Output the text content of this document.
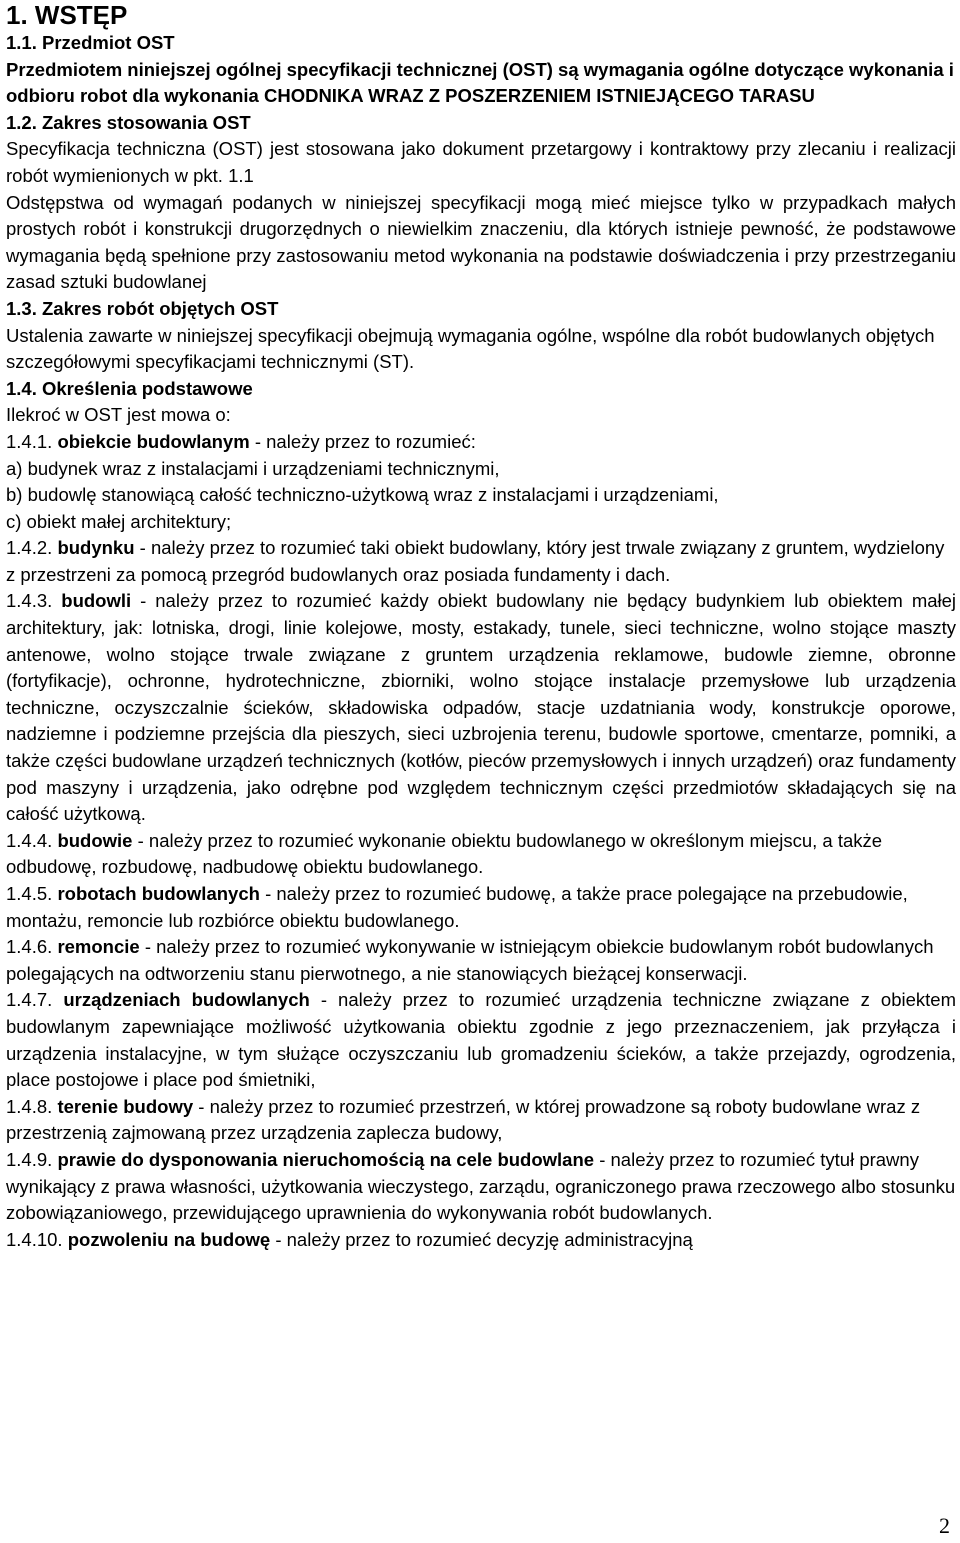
1. WSTĘP
1.1. Przedmiot OST
Przedmiotem niniejszej ogólnej specyfikacji technicznej (OST) są wymagania ogólne dotyczące wykonania i odbioru robot dla wykonania CHODNIKA WRAZ Z POSZERZENIEM ISTNIEJĄCEGO TARASU
1.2. Zakres stosowania OST
Specyfikacja techniczna (OST) jest stosowana jako dokument przetargowy i kontraktowy przy zlecaniu i realizacji robót wymienionych w pkt. 1.1
Odstępstwa od wymagań podanych w niniejszej specyfikacji mogą mieć miejsce tylko w przypadkach małych prostych robót i konstrukcji drugorzędnych o niewielkim znaczeniu, dla których istnieje pewność, że podstawowe wymagania będą spełnione przy zastosowaniu metod wykonania na podstawie doświadczenia i przy przestrzeganiu zasad sztuki budowlanej
1.3. Zakres robót objętych OST
Ustalenia zawarte w niniejszej specyfikacji obejmują wymagania ogólne, wspólne dla robót budowlanych objętych szczegółowymi specyfikacjami technicznymi (ST).
1.4. Określenia podstawowe
Ilekroć w OST jest mowa o:
1.4.1. obiekcie budowlanym - należy przez to rozumieć:
a) budynek wraz z instalacjami i urządzeniami technicznymi,
b) budowlę stanowiącą całość techniczno-użytkową wraz z instalacjami i urządzeniami,
c) obiekt małej architektury;
1.4.2. budynku - należy przez to rozumieć taki obiekt budowlany, który jest trwale związany z gruntem, wydzielony z przestrzeni za pomocą przegród budowlanych oraz posiada fundamenty i dach.
1.4.3. budowli - należy przez to rozumieć każdy obiekt budowlany nie będący budynkiem lub obiektem małej architektury, jak: lotniska, drogi, linie kolejowe, mosty, estakady, tunele, sieci techniczne, wolno stojące maszty antenowe, wolno stojące trwale związane z gruntem urządzenia reklamowe, budowle ziemne, obronne (fortyfikacje), ochronne, hydrotechniczne, zbiorniki, wolno stojące instalacje przemysłowe lub urządzenia techniczne, oczyszczalnie ścieków, składowiska odpadów, stacje uzdatniania wody, konstrukcje oporowe, nadziemne i podziemne przejścia dla pieszych, sieci uzbrojenia terenu, budowle sportowe, cmentarze, pomniki, a także części budowlane urządzeń technicznych (kotłów, pieców przemysłowych i innych urządzeń) oraz fundamenty pod maszyny i urządzenia, jako odrębne pod względem technicznym części przedmiotów składających się na całość użytkową.
1.4.4. budowie - należy przez to rozumieć wykonanie obiektu budowlanego w określonym miejscu, a także odbudowę, rozbudowę, nadbudowę obiektu budowlanego.
1.4.5. robotach budowlanych - należy przez to rozumieć budowę, a także prace polegające na przebudowie, montażu, remoncie lub rozbiórce obiektu budowlanego.
1.4.6. remoncie - należy przez to rozumieć wykonywanie w istniejącym obiekcie budowlanym robót budowlanych polegających na odtworzeniu stanu pierwotnego, a nie stanowiących bieżącej konserwacji.
1.4.7. urządzeniach budowlanych - należy przez to rozumieć urządzenia techniczne związane z obiektem budowlanym zapewniające możliwość użytkowania obiektu zgodnie z jego przeznaczeniem, jak przyłącza i urządzenia instalacyjne, w tym służące oczyszczaniu lub gromadzeniu ścieków, a także przejazdy, ogrodzenia, place postojowe i place pod śmietniki,
1.4.8. terenie budowy - należy przez to rozumieć przestrzeń, w której prowadzone są roboty budowlane wraz z przestrzenią zajmowaną przez urządzenia zaplecza budowy,
1.4.9. prawie do dysponowania nieruchomością na cele budowlane - należy przez to rozumieć tytuł prawny wynikający z prawa własności, użytkowania wieczystego, zarządu, ograniczonego prawa rzeczowego albo stosunku zobowiązaniowego, przewidującego uprawnienia do wykonywania robót budowlanych.
1.4.10. pozwoleniu na budowę - należy przez to rozumieć decyzję administracyjną
2
